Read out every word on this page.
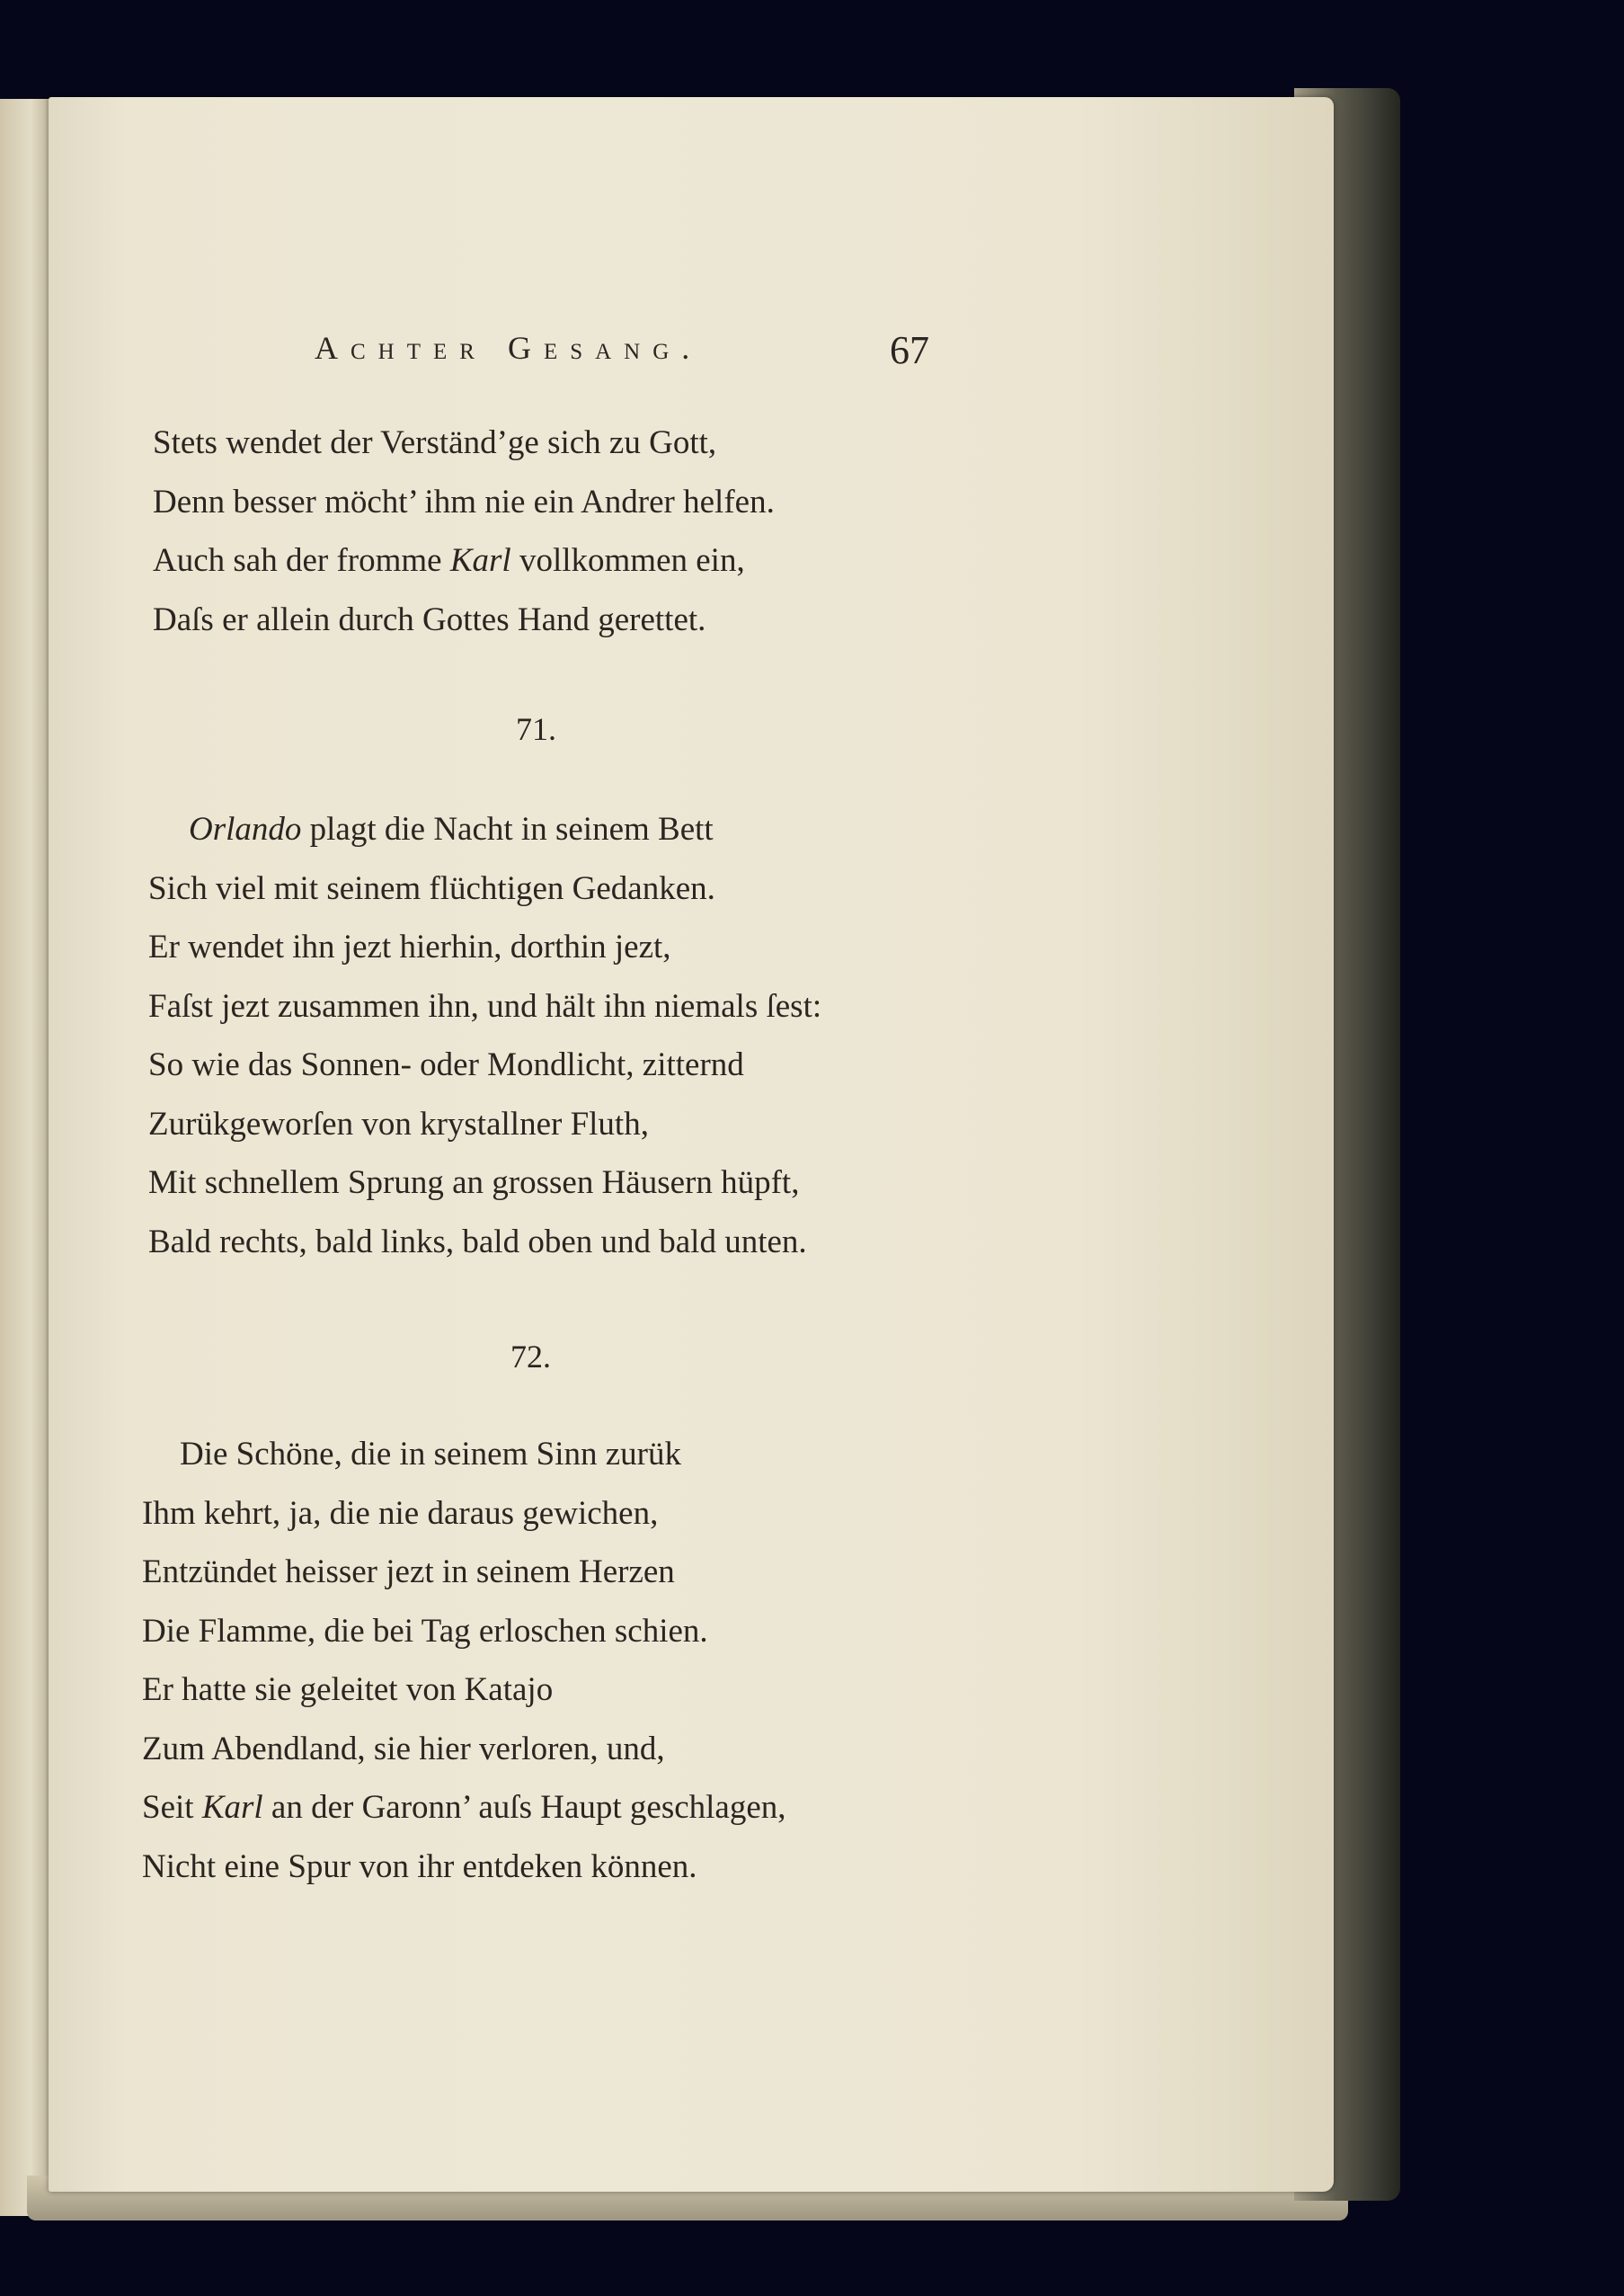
Achter Gesang.	67
Stets wendet der Verständ’ge sich zu Gott,
Denn besser möcht’ ihm nie ein Andrer helfen.
Auch sah der fromme Karl vollkommen ein,
Daſs er allein durch Gottes Hand gerettet.
71.
Orlando plagt die Nacht in seinem Bett
Sich viel mit seinem flüchtigen Gedanken.
Er wendet ihn jezt hierhin, dorthin jezt,
Faſst jezt zusammen ihn, und hält ihn niemals ſest:
So wie das Sonnen- oder Mondlicht, zitternd
Zurükgeworſen von krystallner Fluth,
Mit schnellem Sprung an grossen Häusern hüpft,
Bald rechts, bald links, bald oben und bald unten.
72.
Die Schöne, die in seinem Sinn zurük
Ihm kehrt, ja, die nie daraus gewichen,
Entzündet heisser jezt in seinem Herzen
Die Flamme, die bei Tag erloschen schien.
Er hatte sie geleitet von Katajo
Zum Abendland, sie hier verloren, und,
Seit Karl an der Garonn’ auſs Haupt geschlagen,
Nicht eine Spur von ihr entdeken können.
